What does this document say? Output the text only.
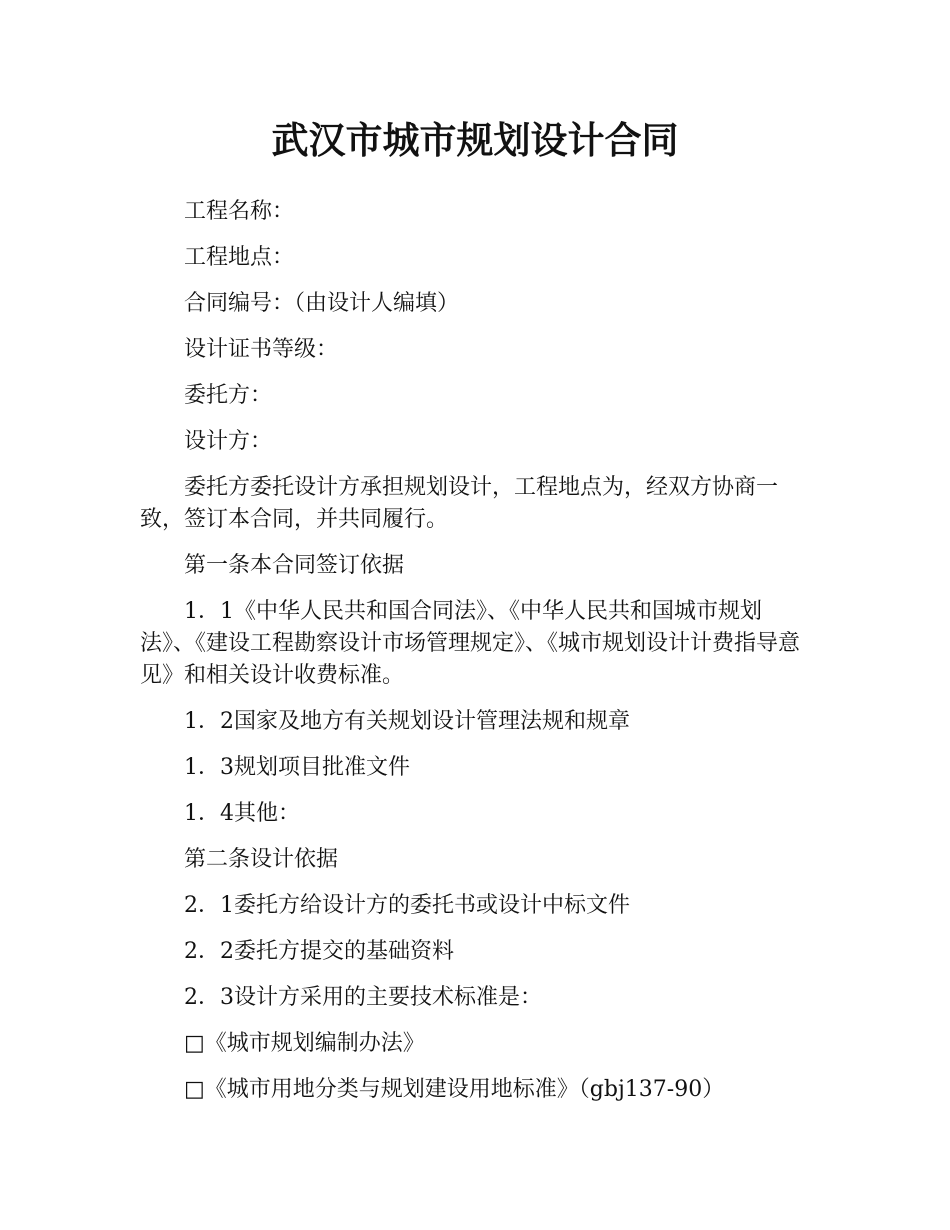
武汉市城市规划设计合同

工程名称：

工程地点：

合同编号：（由设计人编填）

设计证书等级：

委托方：

设计方：

委托方委托设计方承担规划设计，工程地点为，经双方协商一致，签订本合同，并共同履行。

第一条本合同签订依据

1．1《中华人民共和国合同法》、《中华人民共和国城市规划法》、《建设工程勘察设计市场管理规定》、《城市规划设计计费指导意见》和相关设计收费标准。

1．2国家及地方有关规划设计管理法规和规章

1．3规划项目批准文件

1．4其他：

第二条设计依据

2．1委托方给设计方的委托书或设计中标文件

2．2委托方提交的基础资料

2．3设计方采用的主要技术标准是：

□《城市规划编制办法》

□《城市用地分类与规划建设用地标准》（gbj137-90）
